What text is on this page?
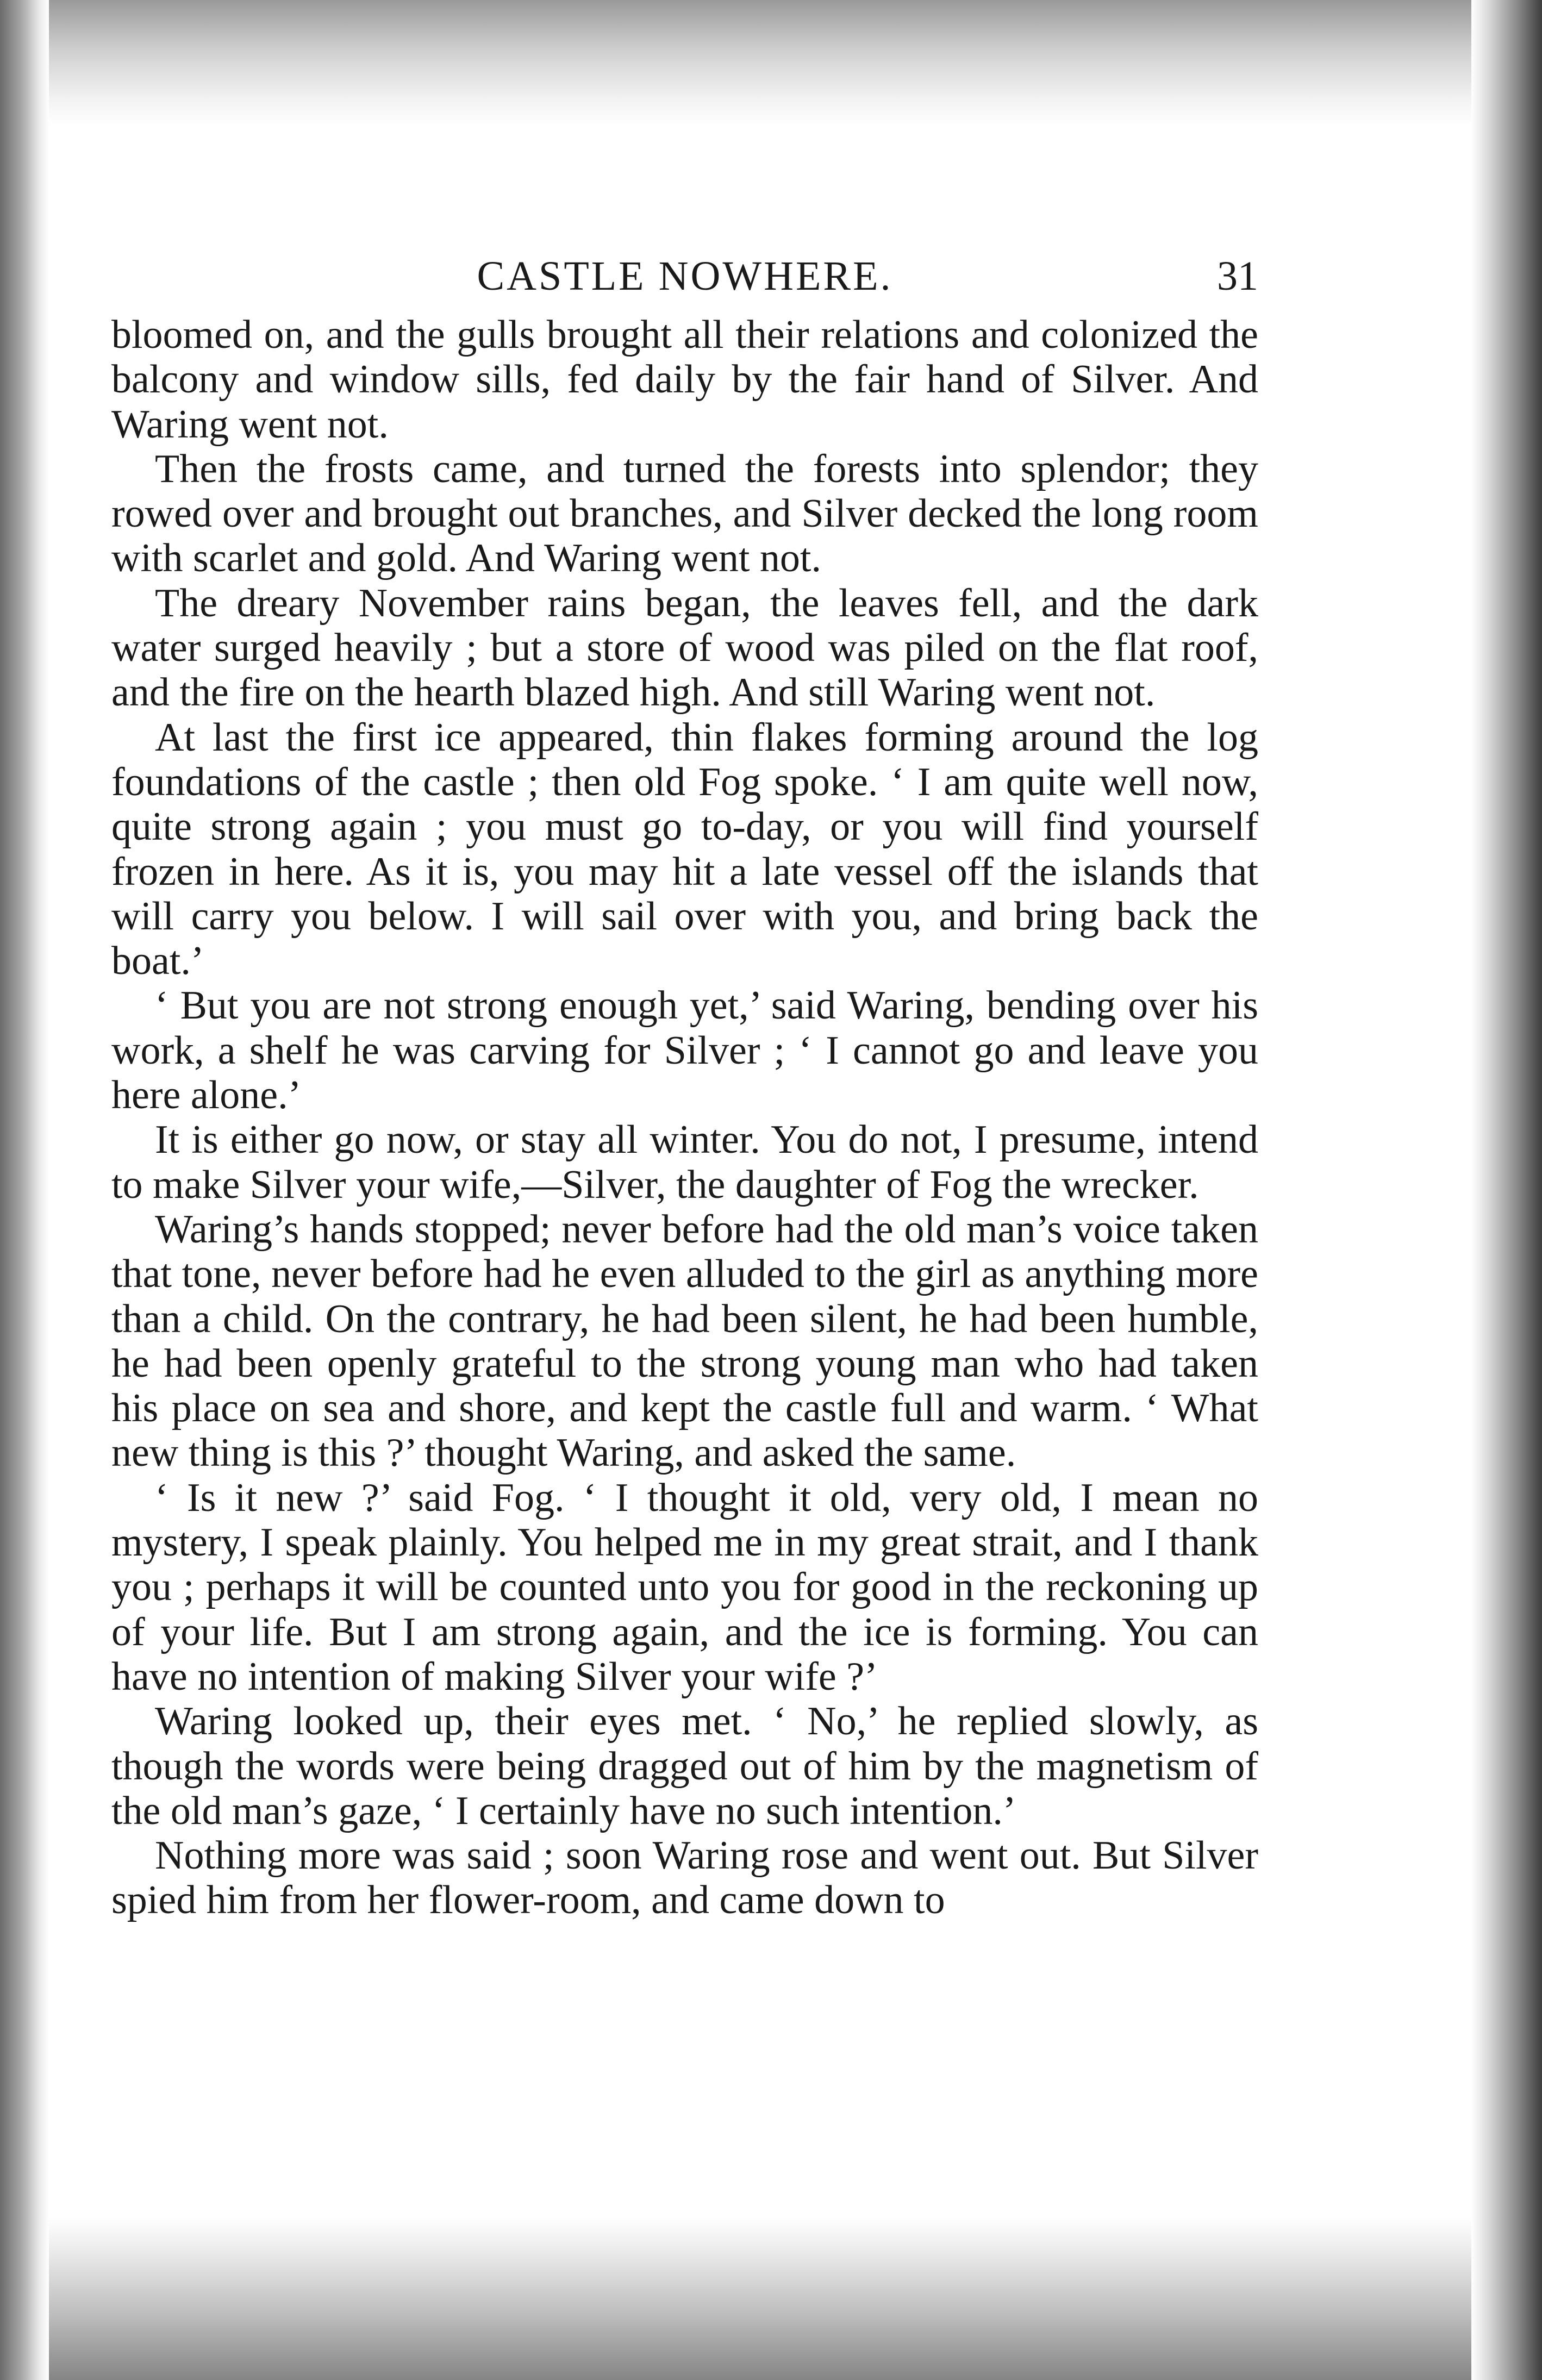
CASTLE NOWHERE.	31

bloomed on, and the gulls brought all their relations and colonized the balcony and window sills, fed daily by the fair hand of Silver. And Waring went not.

Then the frosts came, and turned the forests into splendor; they rowed over and brought out branches, and Silver decked the long room with scarlet and gold. And Waring went not.

The dreary November rains began, the leaves fell, and the dark water surged heavily ; but a store of wood was piled on the flat roof, and the fire on the hearth blazed high. And still Waring went not.

At last the first ice appeared, thin flakes forming around the log foundations of the castle ; then old Fog spoke. ‘ I am quite well now, quite strong again ; you must go to-day, or you will find yourself frozen in here. As it is, you may hit a late vessel off the islands that will carry you below. I will sail over with you, and bring back the boat.’

‘ But you are not strong enough yet,’ said Waring, bending over his work, a shelf he was carving for Silver ; ‘ I cannot go and leave you here alone.’

It is either go now, or stay all winter. You do not, I presume, intend to make Silver your wife,—Silver, the daughter of Fog the wrecker.

Waring’s hands stopped; never before had the old man’s voice taken that tone, never before had he even alluded to the girl as anything more than a child. On the contrary, he had been silent, he had been humble, he had been openly grateful to the strong young man who had taken his place on sea and shore, and kept the castle full and warm. ‘ What new thing is this ?’ thought Waring, and asked the same.

‘ Is it new ?’ said Fog. ‘ I thought it old, very old, I mean no mystery, I speak plainly. You helped me in my great strait, and I thank you ; perhaps it will be counted unto you for good in the reckoning up of your life. But I am strong again, and the ice is forming. You can have no intention of making Silver your wife ?’

Waring looked up, their eyes met. ‘ No,’ he replied slowly, as though the words were being dragged out of him by the magnetism of the old man’s gaze, ‘ I certainly have no such intention.’

Nothing more was said ; soon Waring rose and went out. But Silver spied him from her flower-room, and came down to
